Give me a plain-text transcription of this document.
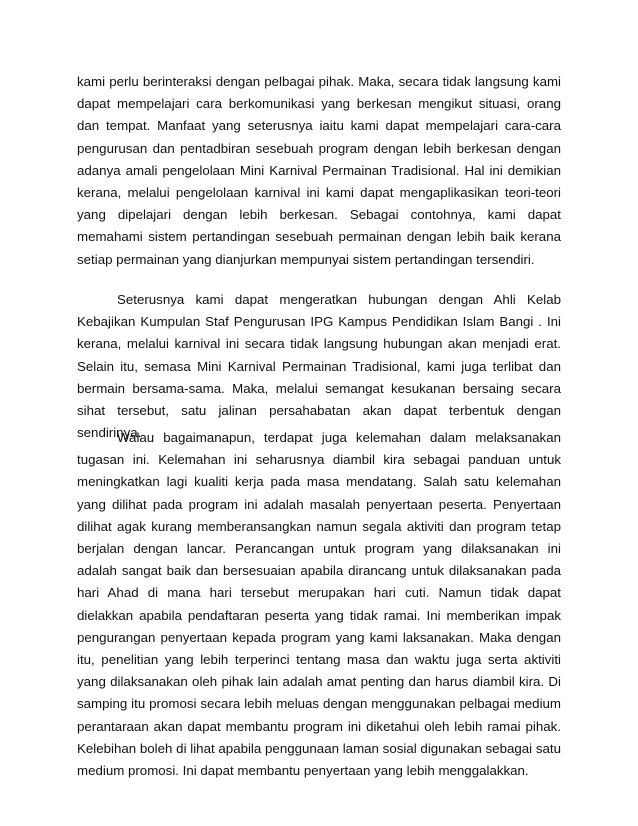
kami perlu berinteraksi dengan pelbagai pihak. Maka, secara tidak langsung kami dapat mempelajari cara berkomunikasi yang berkesan mengikut situasi, orang dan tempat. Manfaat yang seterusnya iaitu kami dapat mempelajari cara-cara pengurusan dan pentadbiran sesebuah program dengan lebih berkesan dengan adanya amali pengelolaan Mini Karnival Permainan Tradisional. Hal ini demikian kerana, melalui pengelolaan karnival ini kami dapat mengaplikasikan teori-teori yang dipelajari dengan lebih berkesan. Sebagai contohnya, kami dapat memahami sistem pertandingan sesebuah permainan dengan lebih baik kerana setiap permainan yang dianjurkan mempunyai sistem pertandingan tersendiri.

Seterusnya kami dapat mengeratkan hubungan dengan Ahli Kelab Kebajikan Kumpulan Staf Pengurusan IPG Kampus Pendidikan Islam Bangi . Ini kerana, melalui karnival ini secara tidak langsung hubungan akan menjadi erat. Selain itu, semasa Mini Karnival Permainan Tradisional, kami juga terlibat dan bermain bersama-sama. Maka, melalui semangat kesukanan bersaing secara sihat tersebut, satu jalinan persahabatan akan dapat terbentuk dengan sendirinya.

Walau bagaimanapun, terdapat juga kelemahan dalam melaksanakan tugasan ini. Kelemahan ini seharusnya diambil kira sebagai panduan untuk meningkatkan lagi kualiti kerja pada masa mendatang. Salah satu kelemahan yang dilihat pada program ini adalah masalah penyertaan peserta. Penyertaan dilihat agak kurang memberansangkan namun segala aktiviti dan program tetap berjalan dengan lancar. Perancangan untuk program yang dilaksanakan ini adalah sangat baik dan bersesuaian apabila dirancang untuk dilaksanakan pada hari Ahad di mana hari tersebut merupakan hari cuti. Namun tidak dapat dielakkan apabila pendaftaran peserta yang tidak ramai. Ini memberikan impak pengurangan penyertaan kepada program yang kami laksanakan. Maka dengan itu, penelitian yang lebih terperinci tentang masa dan waktu juga serta aktiviti yang dilaksanakan oleh pihak lain adalah amat penting dan harus diambil kira. Di samping itu promosi secara lebih meluas dengan menggunakan pelbagai medium perantaraan akan dapat membantu program ini diketahui oleh lebih ramai pihak. Kelebihan boleh di lihat apabila penggunaan laman sosial digunakan sebagai satu medium promosi. Ini dapat membantu penyertaan yang lebih menggalakkan.
